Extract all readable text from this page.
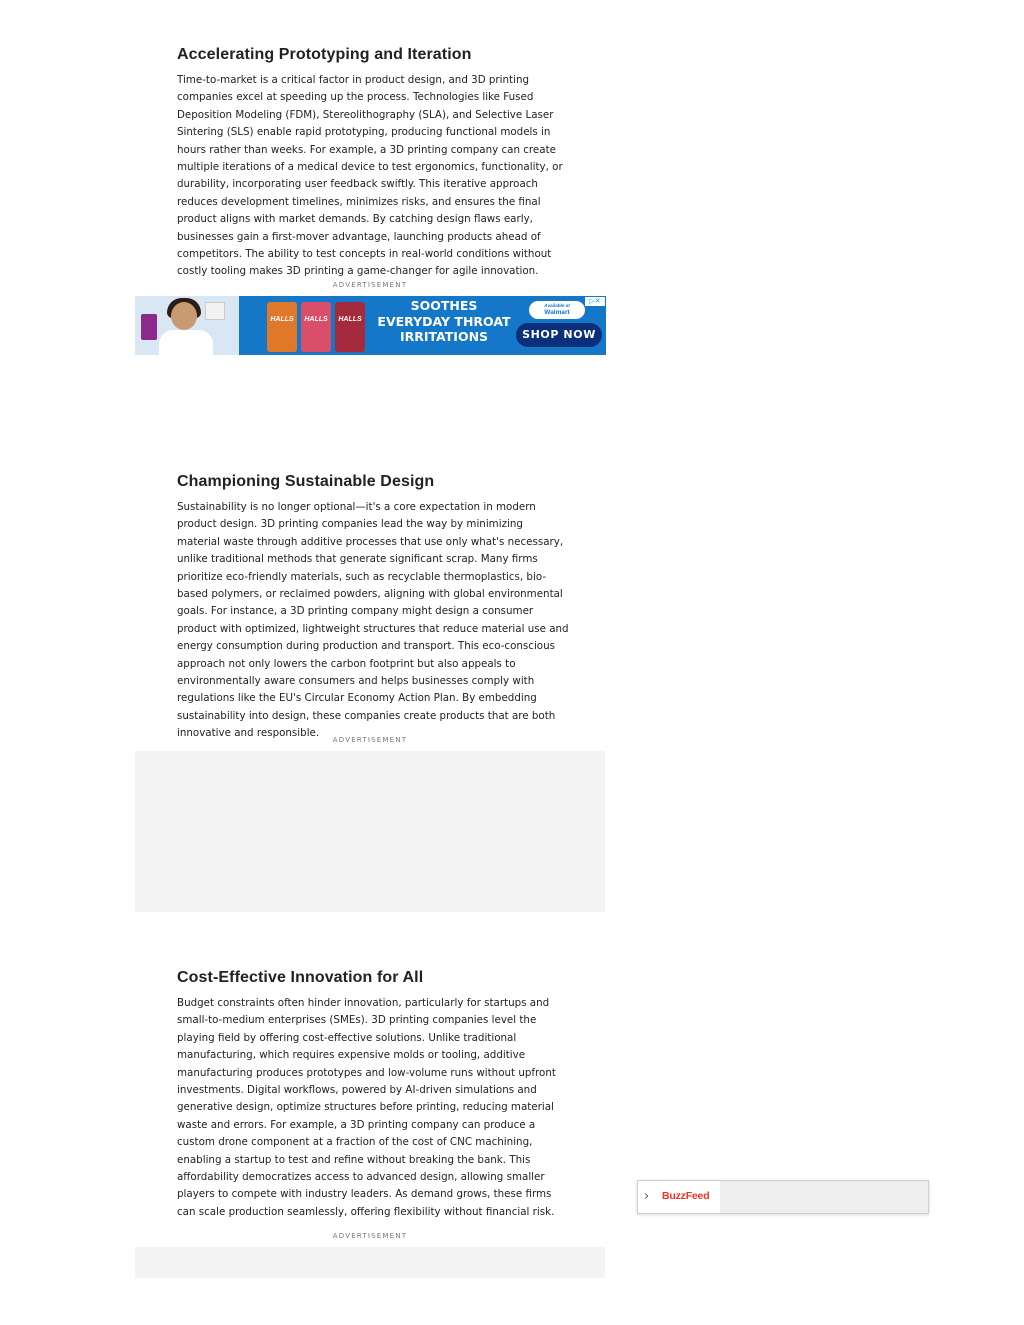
Accelerating Prototyping and Iteration

Time-to-market is a critical factor in product design, and 3D printing companies excel at speeding up the process. Technologies like Fused Deposition Modeling (FDM), Stereolithography (SLA), and Selective Laser Sintering (SLS) enable rapid prototyping, producing functional models in hours rather than weeks. For example, a 3D printing company can create multiple iterations of a medical device to test ergonomics, functionality, or durability, incorporating user feedback swiftly. This iterative approach reduces development timelines, minimizes risks, and ensures the final product aligns with market demands. By catching design flaws early, businesses gain a first-mover advantage, launching products ahead of competitors. The ability to test concepts in real-world conditions without costly tooling makes 3D printing a game-changer for agile innovation.

ADVERTISEMENT
HALLS HALLS HALLS
SOOTHES
EVERYDAY THROAT
IRRITATIONS
Available at
Walmart
SHOP NOW
▷✕
Championing Sustainable Design

Sustainability is no longer optional—it's a core expectation in modern product design. 3D printing companies lead the way by minimizing material waste through additive processes that use only what's necessary, unlike traditional methods that generate significant scrap. Many firms prioritize eco-friendly materials, such as recyclable thermoplastics, bio-based polymers, or reclaimed powders, aligning with global environmental goals. For instance, a 3D printing company might design a consumer product with optimized, lightweight structures that reduce material use and energy consumption during production and transport. This eco-conscious approach not only lowers the carbon footprint but also appeals to environmentally aware consumers and helps businesses comply with regulations like the EU's Circular Economy Action Plan. By embedding sustainability into design, these companies create products that are both innovative and responsible.

ADVERTISEMENT
Cost-Effective Innovation for All

Budget constraints often hinder innovation, particularly for startups and small-to-medium enterprises (SMEs). 3D printing companies level the playing field by offering cost-effective solutions. Unlike traditional manufacturing, which requires expensive molds or tooling, additive manufacturing produces prototypes and low-volume runs without upfront investments. Digital workflows, powered by AI-driven simulations and generative design, optimize structures before printing, reducing material waste and errors. For example, a 3D printing company can produce a custom drone component at a fraction of the cost of CNC machining, enabling a startup to test and refine without breaking the bank. This affordability democratizes access to advanced design, allowing smaller players to compete with industry leaders. As demand grows, these firms can scale production seamlessly, offering flexibility without financial risk.

ADVERTISEMENT
› BuzzFeed
